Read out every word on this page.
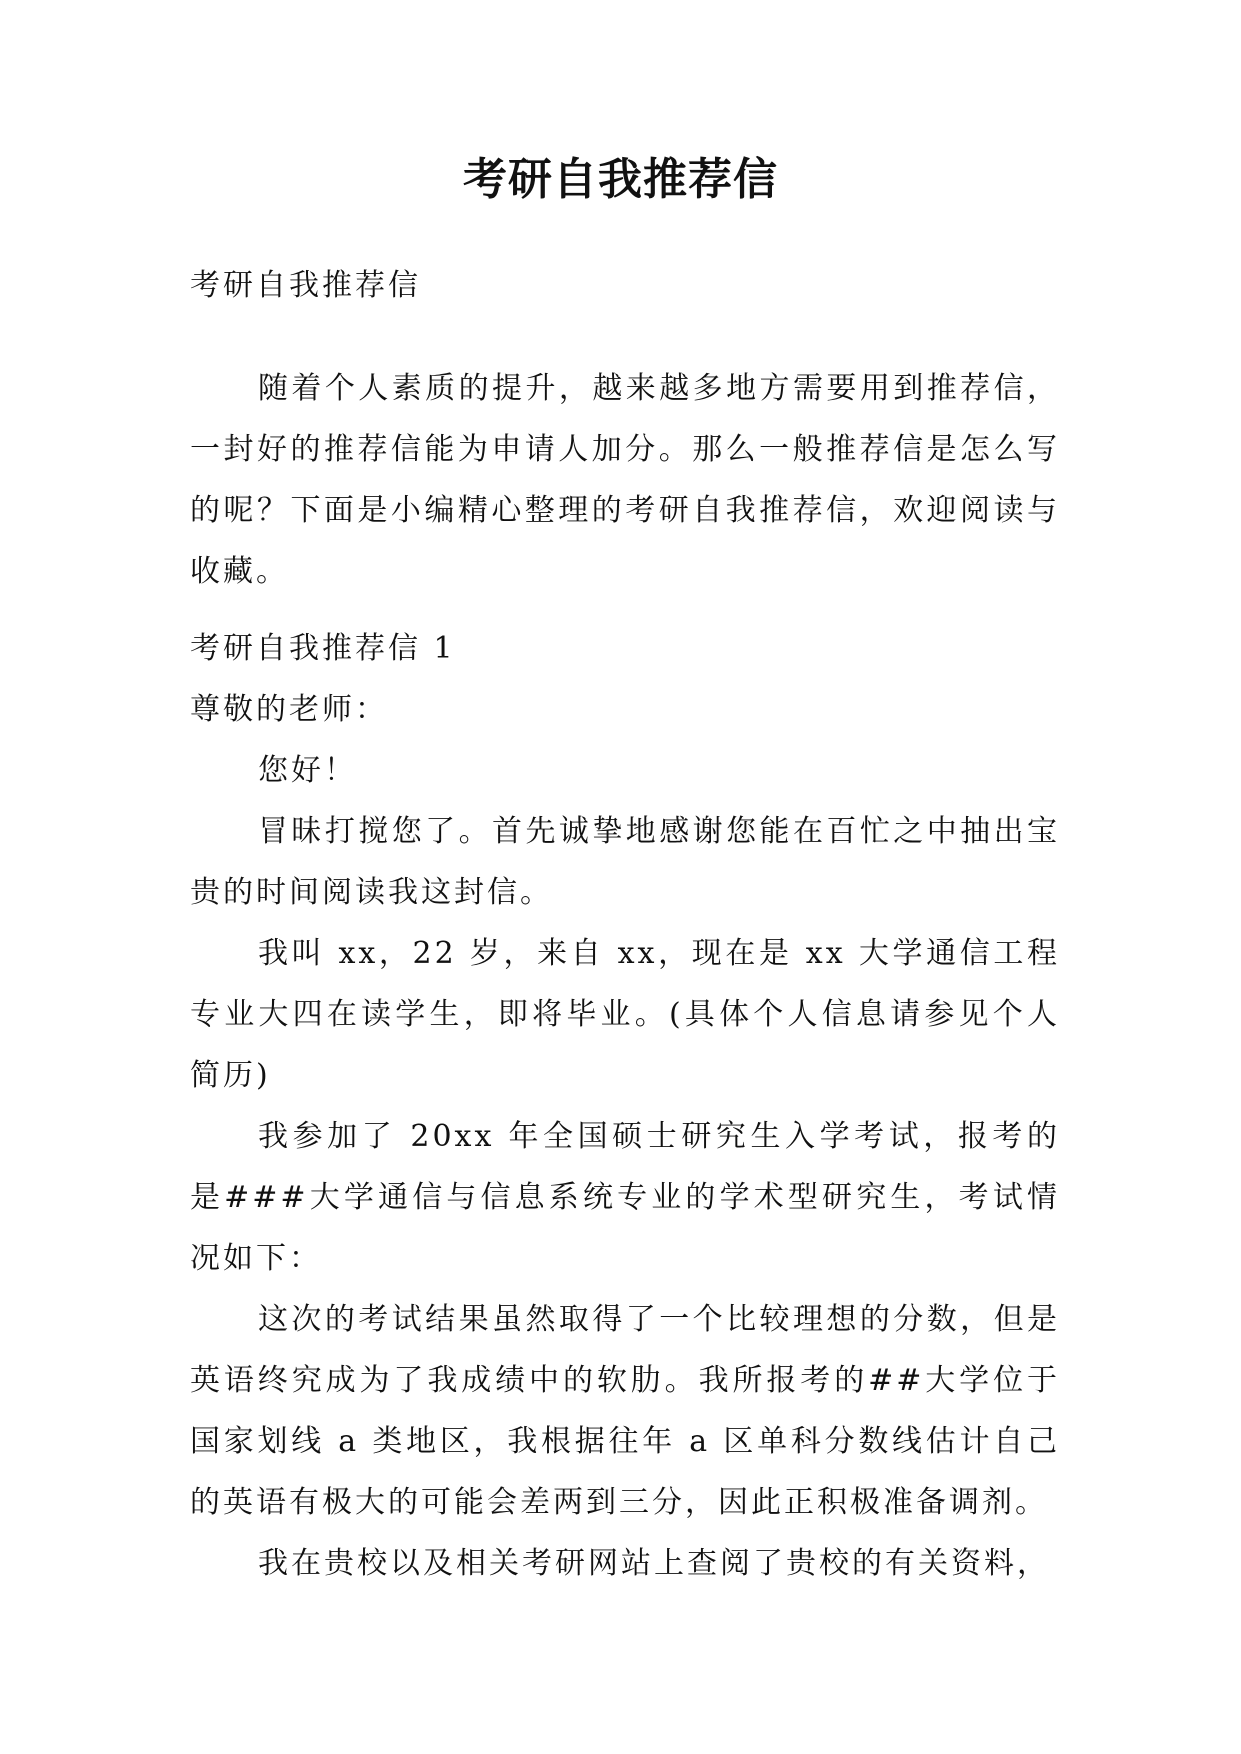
考研自我推荐信

考研自我推荐信

随着个人素质的提升，越来越多地方需要用到推荐信，一封好的推荐信能为申请人加分。那么一般推荐信是怎么写的呢？下面是小编精心整理的考研自我推荐信，欢迎阅读与收藏。

考研自我推荐信 1

尊敬的老师：

您好！

冒昧打搅您了。首先诚挚地感谢您能在百忙之中抽出宝贵的时间阅读我这封信。

我叫 xx，22 岁，来自 xx，现在是 xx 大学通信工程专业大四在读学生，即将毕业。(具体个人信息请参见个人简历)

我参加了 20xx 年全国硕士研究生入学考试，报考的是###大学通信与信息系统专业的学术型研究生，考试情况如下：

这次的考试结果虽然取得了一个比较理想的分数，但是英语终究成为了我成绩中的软肋。我所报考的##大学位于国家划线 a 类地区，我根据往年 a 区单科分数线估计自己的英语有极大的可能会差两到三分，因此正积极准备调剂。

我在贵校以及相关考研网站上查阅了贵校的有关资料，
